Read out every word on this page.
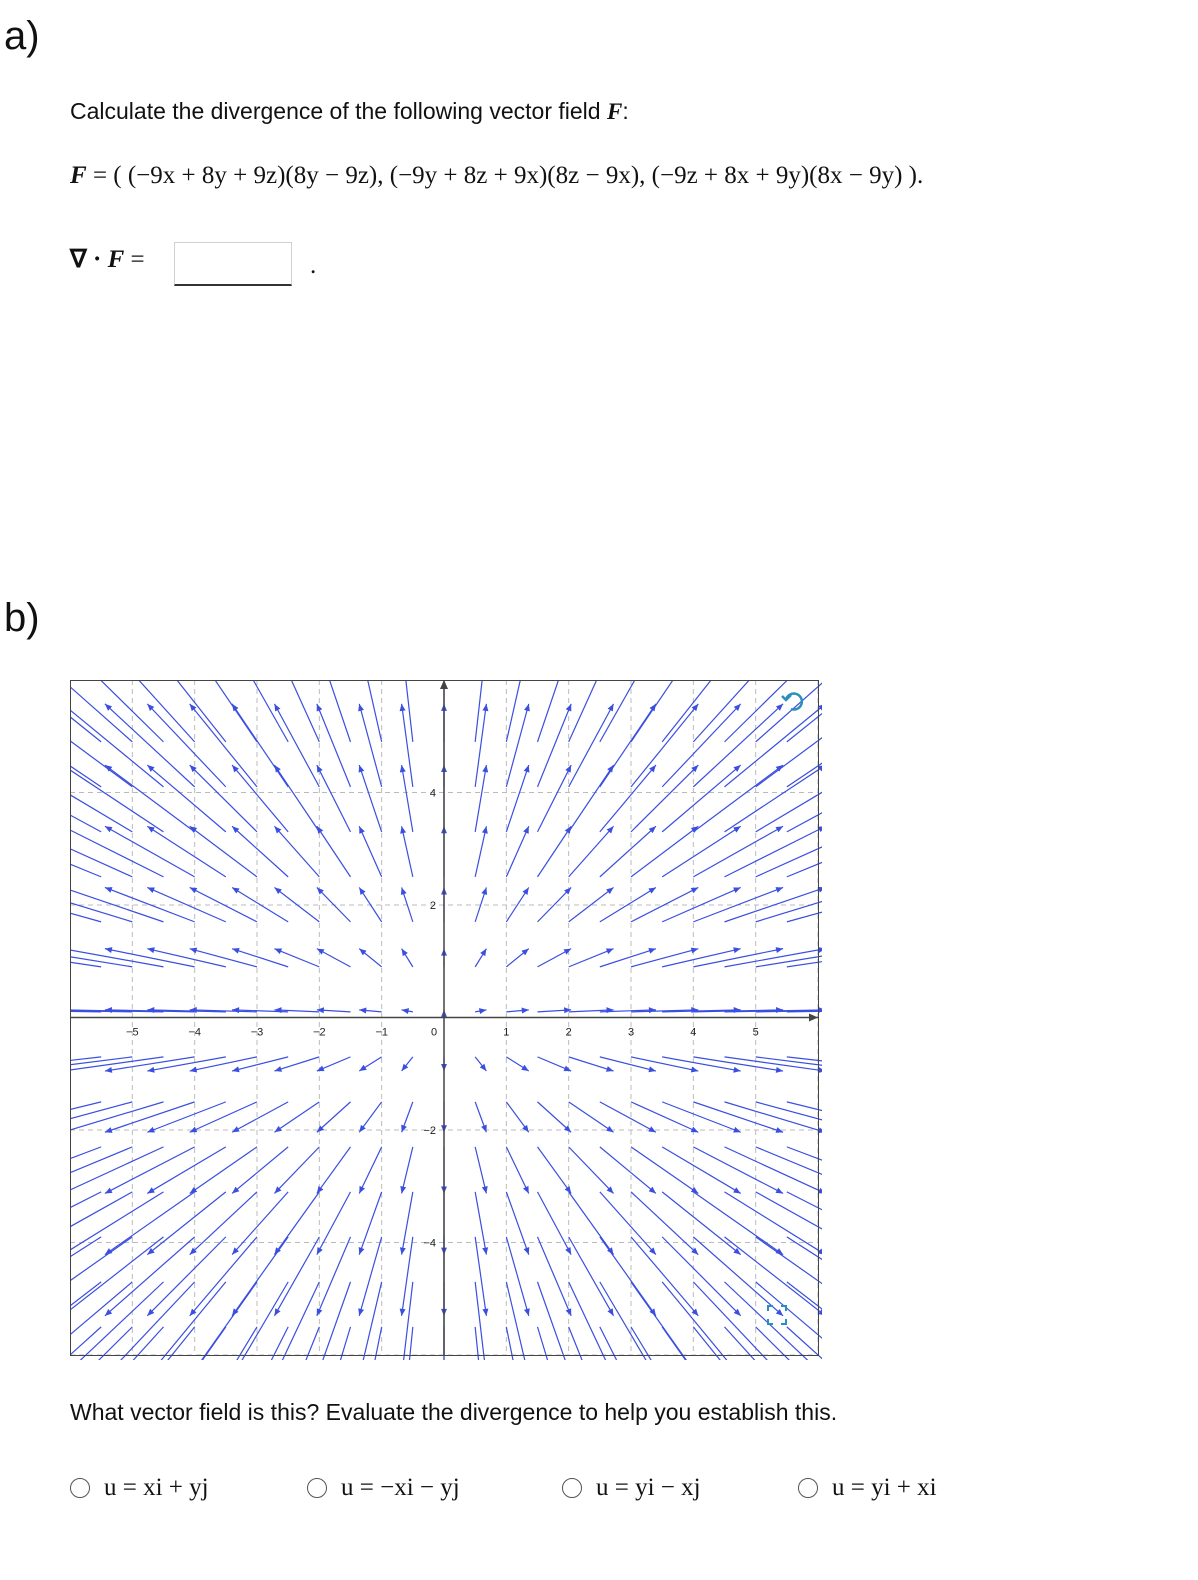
a)
Calculate the divergence of the following vector field F:
F = ( (−9x + 8y + 9z)(8y − 9z), (−9y + 8z + 9x)(8z − 9x), (−9z + 8x + 9y)(8x − 9y) ).
∇ · F =	.
b)
−5	−4	−3	−2	−1	0	1	2	3	4	5
4
2
−2
−4
What vector field is this? Evaluate the divergence to help you establish this.
u = xi + yj	u = −xi − yj	u = yi − xj	u = yi + xi
